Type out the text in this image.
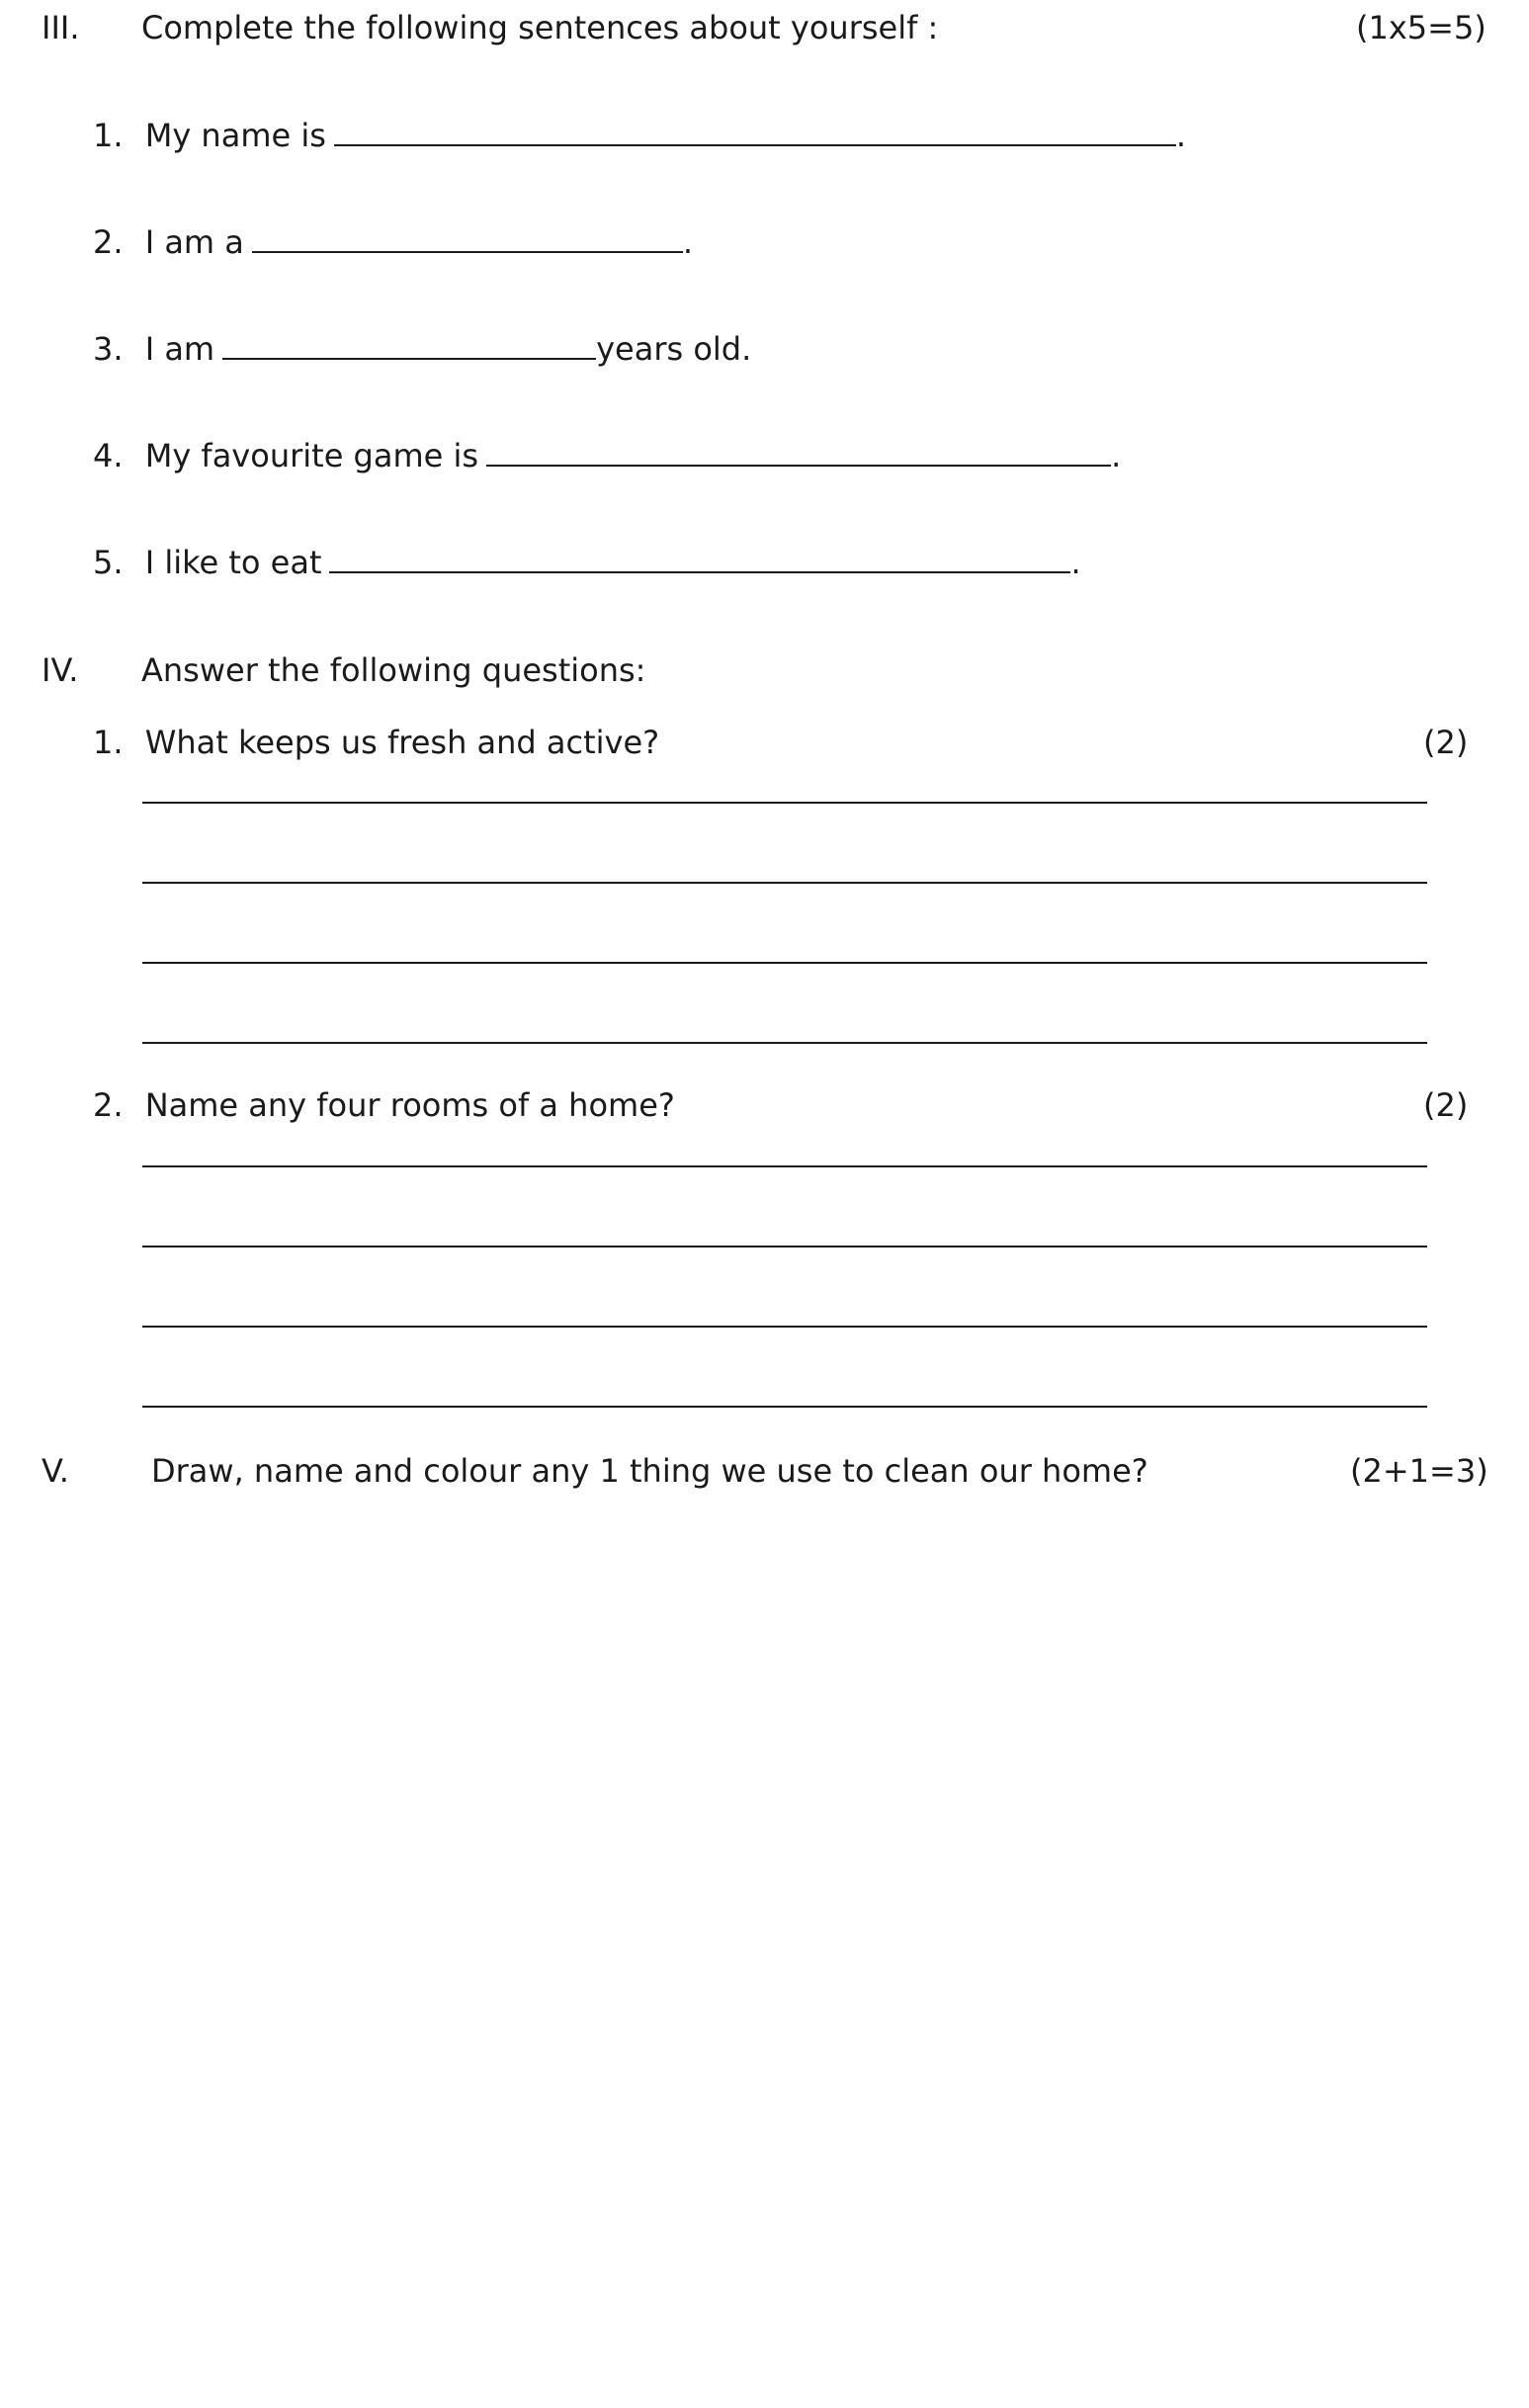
III. Complete the following sentences about yourself :	(1x5=5)
1. My name is	.
2. I am a	.
3. I am	years old.
4. My favourite game is	.
5. I like to eat	.
IV. Answer the following questions:
1. What keeps us fresh and active?	(2)
2. Name any four rooms of a home?	(2)
V.	Draw, name and colour any 1 thing we use to clean our home?	(2+1=3)
